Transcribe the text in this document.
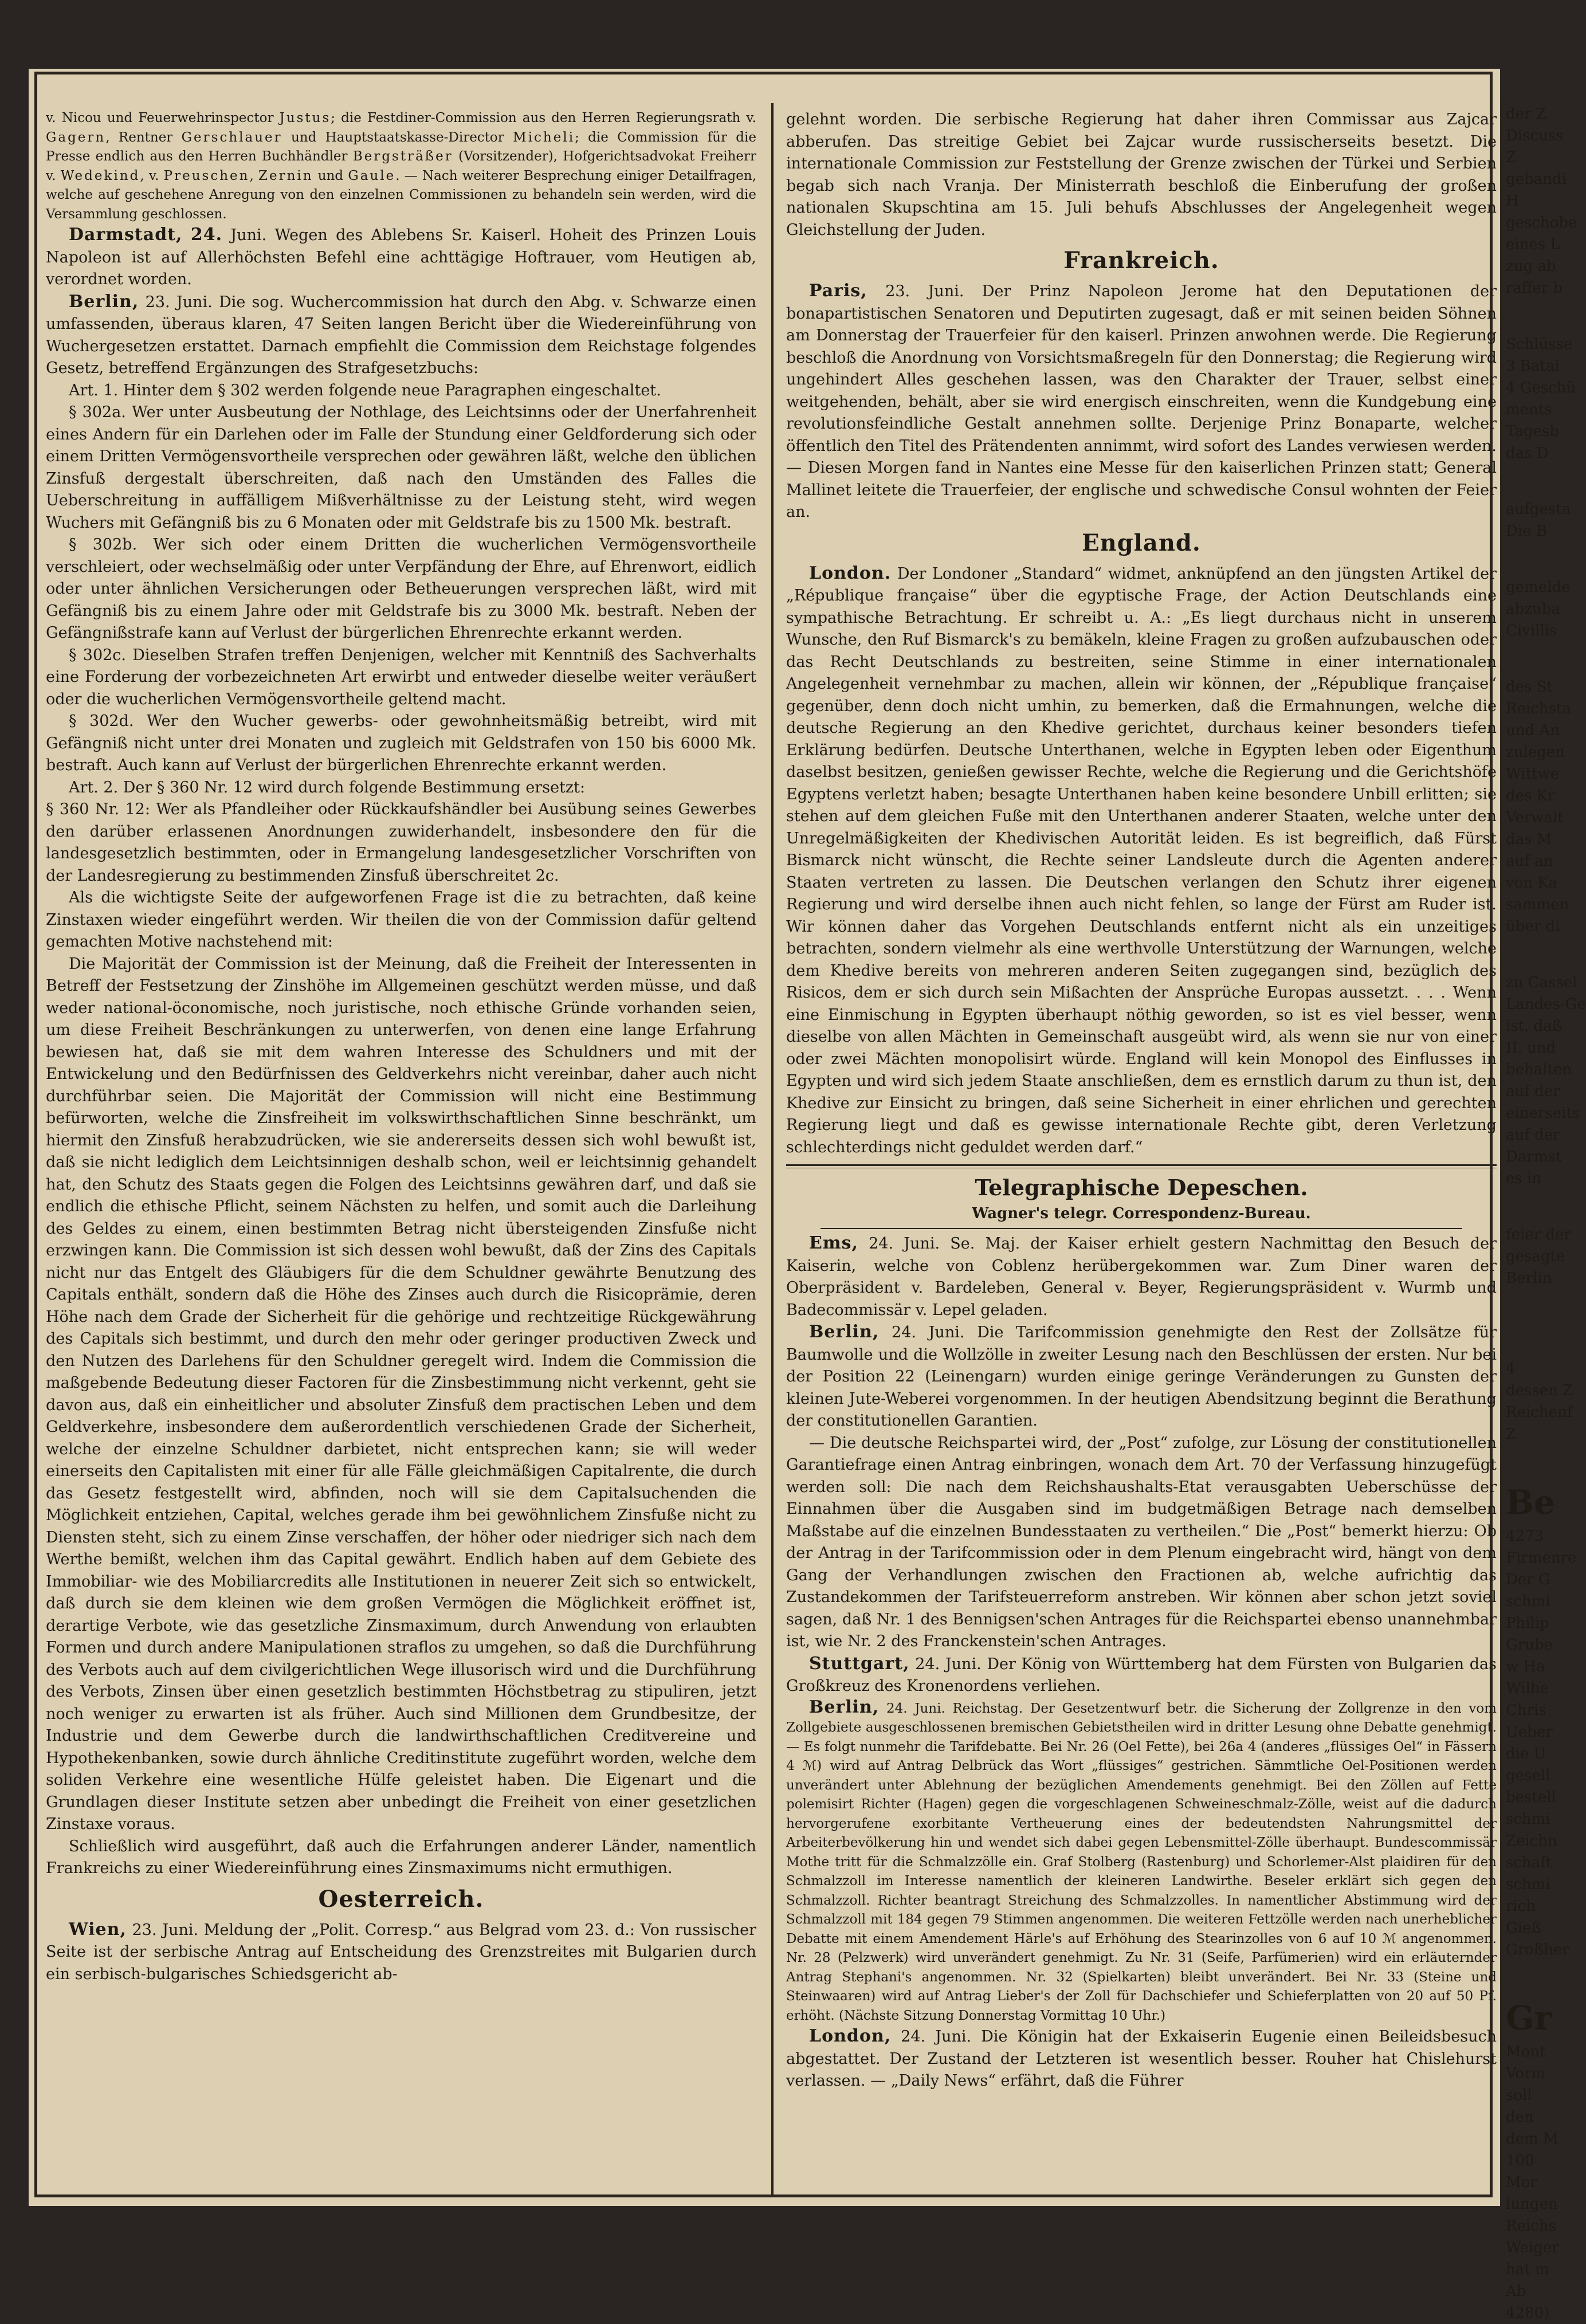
v. Nicou und Feuerwehrinspector Justus; die Festdiner-Commission aus den Herren Regierungsrath v. Gagern, Rentner Gerschlauer und Hauptstaatskasse-Director Micheli; die Commission für die Presse endlich aus den Herren Buchhändler Bergsträßer (Vorsitzender), Hofgerichtsadvokat Freiherr v. Wedekind, v. Preuschen, Zernin und Gaule. — Nach weiterer Besprechung einiger Detailfragen, welche auf geschehene Anregung von den einzelnen Commissionen zu behandeln sein werden, wird die Versammlung geschlossen.

Darmstadt, 24. Juni. Wegen des Ablebens Sr. Kaiserl. Hoheit des Prinzen Louis Napoleon ist auf Allerhöchsten Befehl eine achttägige Hoftrauer, vom Heutigen ab, verordnet worden.

Berlin, 23. Juni. Die sog. Wuchercommission hat durch den Abg. v. Schwarze einen umfassenden, überaus klaren, 47 Seiten langen Bericht über die Wiedereinführung von Wuchergesetzen erstattet. Darnach empfiehlt die Commission dem Reichstage folgendes Gesetz, betreffend Ergänzungen des Strafgesetzbuchs:

Art. 1. Hinter dem § 302 werden folgende neue Paragraphen eingeschaltet.

§ 302a. Wer unter Ausbeutung der Nothlage, des Leichtsinns oder der Unerfahrenheit eines Andern für ein Darlehen oder im Falle der Stundung einer Geldforderung sich oder einem Dritten Vermögensvortheile versprechen oder gewähren läßt, welche den üblichen Zinsfuß dergestalt überschreiten, daß nach den Umständen des Falles die Ueberschreitung in auffälligem Mißverhältnisse zu der Leistung steht, wird wegen Wuchers mit Gefängniß bis zu 6 Monaten oder mit Geldstrafe bis zu 1500 Mk. bestraft.

§ 302b. Wer sich oder einem Dritten die wucherlichen Vermögensvortheile verschleiert, oder wechselmäßig oder unter Verpfändung der Ehre, auf Ehrenwort, eidlich oder unter ähnlichen Versicherungen oder Betheuerungen versprechen läßt, wird mit Gefängniß bis zu einem Jahre oder mit Geldstrafe bis zu 3000 Mk. bestraft. Neben der Gefängnißstrafe kann auf Verlust der bürgerlichen Ehrenrechte erkannt werden.

§ 302c. Dieselben Strafen treffen Denjenigen, welcher mit Kenntniß des Sachverhalts eine Forderung der vorbezeichneten Art erwirbt und entweder dieselbe weiter veräußert oder die wucherlichen Vermögensvortheile geltend macht.

§ 302d. Wer den Wucher gewerbs- oder gewohnheitsmäßig betreibt, wird mit Gefängniß nicht unter drei Monaten und zugleich mit Geldstrafen von 150 bis 6000 Mk. bestraft. Auch kann auf Verlust der bürgerlichen Ehrenrechte erkannt werden.

Art. 2. Der § 360 Nr. 12 wird durch folgende Bestimmung ersetzt:

§ 360 Nr. 12: Wer als Pfandleiher oder Rückkaufshändler bei Ausübung seines Gewerbes den darüber erlassenen Anordnungen zuwiderhandelt, insbesondere den für die landesgesetzlich bestimmten, oder in Ermangelung landesgesetzlicher Vorschriften von der Landesregierung zu bestimmenden Zinsfuß überschreitet 2c.

Als die wichtigste Seite der aufgeworfenen Frage ist die zu betrachten, daß keine Zinstaxen wieder eingeführt werden. Wir theilen die von der Commission dafür geltend gemachten Motive nachstehend mit:

Die Majorität der Commission ist der Meinung, daß die Freiheit der Interessenten in Betreff der Festsetzung der Zinshöhe im Allgemeinen geschützt werden müsse, und daß weder national-öconomische, noch juristische, noch ethische Gründe vorhanden seien, um diese Freiheit Beschränkungen zu unterwerfen, von denen eine lange Erfahrung bewiesen hat, daß sie mit dem wahren Interesse des Schuldners und mit der Entwickelung und den Bedürfnissen des Geldverkehrs nicht vereinbar, daher auch nicht durchführbar seien. Die Majorität der Commission will nicht eine Bestimmung befürworten, welche die Zinsfreiheit im volkswirthschaftlichen Sinne beschränkt, um hiermit den Zinsfuß herabzudrücken, wie sie andererseits dessen sich wohl bewußt ist, daß sie nicht lediglich dem Leichtsinnigen deshalb schon, weil er leichtsinnig gehandelt hat, den Schutz des Staats gegen die Folgen des Leichtsinns gewähren darf, und daß sie endlich die ethische Pflicht, seinem Nächsten zu helfen, und somit auch die Darleihung des Geldes zu einem, einen bestimmten Betrag nicht übersteigenden Zinsfuße nicht erzwingen kann. Die Commission ist sich dessen wohl bewußt, daß der Zins des Capitals nicht nur das Entgelt des Gläubigers für die dem Schuldner gewährte Benutzung des Capitals enthält, sondern daß die Höhe des Zinses auch durch die Risicoprämie, deren Höhe nach dem Grade der Sicherheit für die gehörige und rechtzeitige Rückgewährung des Capitals sich bestimmt, und durch den mehr oder geringer productiven Zweck und den Nutzen des Darlehens für den Schuldner geregelt wird. Indem die Commission die maßgebende Bedeutung dieser Factoren für die Zinsbestimmung nicht verkennt, geht sie davon aus, daß ein einheitlicher und absoluter Zinsfuß dem practischen Leben und dem Geldverkehre, insbesondere dem außerordentlich verschiedenen Grade der Sicherheit, welche der einzelne Schuldner darbietet, nicht entsprechen kann; sie will weder einerseits den Capitalisten mit einer für alle Fälle gleichmäßigen Capitalrente, die durch das Gesetz festgestellt wird, abfinden, noch will sie dem Capitalsuchenden die Möglichkeit entziehen, Capital, welches gerade ihm bei gewöhnlichem Zinsfuße nicht zu Diensten steht, sich zu einem Zinse verschaffen, der höher oder niedriger sich nach dem Werthe bemißt, welchen ihm das Capital gewährt. Endlich haben auf dem Gebiete des Immobiliar- wie des Mobiliarcredits alle Institutionen in neuerer Zeit sich so entwickelt, daß durch sie dem kleinen wie dem großen Vermögen die Möglichkeit eröffnet ist, derartige Verbote, wie das gesetzliche Zinsmaximum, durch Anwendung von erlaubten Formen und durch andere Manipulationen straflos zu umgehen, so daß die Durchführung des Verbots auch auf dem civilgerichtlichen Wege illusorisch wird und die Durchführung des Verbots, Zinsen über einen gesetzlich bestimmten Höchstbetrag zu stipuliren, jetzt noch weniger zu erwarten ist als früher. Auch sind Millionen dem Grundbesitze, der Industrie und dem Gewerbe durch die landwirthschaftlichen Creditvereine und Hypothekenbanken, sowie durch ähnliche Creditinstitute zugeführt worden, welche dem soliden Verkehre eine wesentliche Hülfe geleistet haben. Die Eigenart und die Grundlagen dieser Institute setzen aber unbedingt die Freiheit von einer gesetzlichen Zinstaxe voraus.

Schließlich wird ausgeführt, daß auch die Erfahrungen anderer Länder, namentlich Frankreichs zu einer Wiedereinführung eines Zinsmaximums nicht ermuthigen.

Oesterreich.

Wien, 23. Juni. Meldung der „Polit. Corresp.“ aus Belgrad vom 23. d.: Von russischer Seite ist der serbische Antrag auf Entscheidung des Grenzstreites mit Bulgarien durch ein serbisch-bulgarisches Schiedsgericht ab-

gelehnt worden. Die serbische Regierung hat daher ihren Commissar aus Zajcar abberufen. Das streitige Gebiet bei Zajcar wurde russischerseits besetzt. Die internationale Commission zur Feststellung der Grenze zwischen der Türkei und Serbien begab sich nach Vranja. Der Ministerrath beschloß die Einberufung der großen nationalen Skupschtina am 15. Juli behufs Abschlusses der Angelegenheit wegen Gleichstellung der Juden.

Frankreich.

Paris, 23. Juni. Der Prinz Napoleon Jerome hat den Deputationen der bonapartistischen Senatoren und Deputirten zugesagt, daß er mit seinen beiden Söhnen am Donnerstag der Trauerfeier für den kaiserl. Prinzen anwohnen werde. Die Regierung beschloß die Anordnung von Vorsichtsmaßregeln für den Donnerstag; die Regierung wird ungehindert Alles geschehen lassen, was den Charakter der Trauer, selbst einer weitgehenden, behält, aber sie wird energisch einschreiten, wenn die Kundgebung eine revolutionsfeindliche Gestalt annehmen sollte. Derjenige Prinz Bonaparte, welcher öffentlich den Titel des Prätendenten annimmt, wird sofort des Landes verwiesen werden. — Diesen Morgen fand in Nantes eine Messe für den kaiserlichen Prinzen statt; General Mallinet leitete die Trauerfeier, der englische und schwedische Consul wohnten der Feier an.

England.

London. Der Londoner „Standard“ widmet, anknüpfend an den jüngsten Artikel der „République française“ über die egyptische Frage, der Action Deutschlands eine sympathische Betrachtung. Er schreibt u. A.: „Es liegt durchaus nicht in unserem Wunsche, den Ruf Bismarck's zu bemäkeln, kleine Fragen zu großen aufzubauschen oder das Recht Deutschlands zu bestreiten, seine Stimme in einer internationalen Angelegenheit vernehmbar zu machen, allein wir können, der „République française“ gegenüber, denn doch nicht umhin, zu bemerken, daß die Ermahnungen, welche die deutsche Regierung an den Khedive gerichtet, durchaus keiner besonders tiefen Erklärung bedürfen. Deutsche Unterthanen, welche in Egypten leben oder Eigenthum daselbst besitzen, genießen gewisser Rechte, welche die Regierung und die Gerichtshöfe Egyptens verletzt haben; besagte Unterthanen haben keine besondere Unbill erlitten; sie stehen auf dem gleichen Fuße mit den Unterthanen anderer Staaten, welche unter den Unregelmäßigkeiten der Khedivischen Autorität leiden. Es ist begreiflich, daß Fürst Bismarck nicht wünscht, die Rechte seiner Landsleute durch die Agenten anderer Staaten vertreten zu lassen. Die Deutschen verlangen den Schutz ihrer eigenen Regierung und wird derselbe ihnen auch nicht fehlen, so lange der Fürst am Ruder ist. Wir können daher das Vorgehen Deutschlands entfernt nicht als ein unzeitiges betrachten, sondern vielmehr als eine werthvolle Unterstützung der Warnungen, welche dem Khedive bereits von mehreren anderen Seiten zugegangen sind, bezüglich des Risicos, dem er sich durch sein Mißachten der Ansprüche Europas aussetzt. . . . Wenn eine Einmischung in Egypten überhaupt nöthig geworden, so ist es viel besser, wenn dieselbe von allen Mächten in Gemeinschaft ausgeübt wird, als wenn sie nur von einer oder zwei Mächten monopolisirt würde. England will kein Monopol des Einflusses in Egypten und wird sich jedem Staate anschließen, dem es ernstlich darum zu thun ist, den Khedive zur Einsicht zu bringen, daß seine Sicherheit in einer ehrlichen und gerechten Regierung liegt und daß es gewisse internationale Rechte gibt, deren Verletzung schlechterdings nicht geduldet werden darf.“

Telegraphische Depeschen.
Wagner's telegr. Correspondenz-Bureau.

Ems, 24. Juni. Se. Maj. der Kaiser erhielt gestern Nachmittag den Besuch der Kaiserin, welche von Coblenz herübergekommen war. Zum Diner waren der Oberpräsident v. Bardeleben, General v. Beyer, Regierungspräsident v. Wurmb und Badecommissär v. Lepel geladen.

Berlin, 24. Juni. Die Tarifcommission genehmigte den Rest der Zollsätze für Baumwolle und die Wollzölle in zweiter Lesung nach den Beschlüssen der ersten. Nur bei der Position 22 (Leinengarn) wurden einige geringe Veränderungen zu Gunsten der kleinen Jute-Weberei vorgenommen. In der heutigen Abendsitzung beginnt die Berathung der constitutionellen Garantien.

— Die deutsche Reichspartei wird, der „Post“ zufolge, zur Lösung der constitutionellen Garantiefrage einen Antrag einbringen, wonach dem Art. 70 der Verfassung hinzugefügt werden soll: Die nach dem Reichshaushalts-Etat verausgabten Ueberschüsse der Einnahmen über die Ausgaben sind im budgetmäßigen Betrage nach demselben Maßstabe auf die einzelnen Bundesstaaten zu vertheilen.“ Die „Post“ bemerkt hierzu: Ob der Antrag in der Tarifcommission oder in dem Plenum eingebracht wird, hängt von dem Gang der Verhandlungen zwischen den Fractionen ab, welche aufrichtig das Zustandekommen der Tarifsteuerreform anstreben. Wir können aber schon jetzt soviel sagen, daß Nr. 1 des Bennigsen'schen Antrages für die Reichspartei ebenso unannehmbar ist, wie Nr. 2 des Franckenstein'schen Antrages.

Stuttgart, 24. Juni. Der König von Württemberg hat dem Fürsten von Bulgarien das Großkreuz des Kronenordens verliehen.

Berlin, 24. Juni. Reichstag. Der Gesetzentwurf betr. die Sicherung der Zollgrenze in den vom Zollgebiete ausgeschlossenen bremischen Gebietstheilen wird in dritter Lesung ohne Debatte genehmigt. — Es folgt nunmehr die Tarifdebatte. Bei Nr. 26 (Oel Fette), bei 26a 4 (anderes „flüssiges Oel“ in Fässern 4 ℳ) wird auf Antrag Delbrück das Wort „flüssiges“ gestrichen. Sämmtliche Oel-Positionen werden unverändert unter Ablehnung der bezüglichen Amendements genehmigt. Bei den Zöllen auf Fette polemisirt Richter (Hagen) gegen die vorgeschlagenen Schweineschmalz-Zölle, weist auf die dadurch hervorgerufene exorbitante Vertheuerung eines der bedeutendsten Nahrungsmittel der Arbeiterbevölkerung hin und wendet sich dabei gegen Lebensmittel-Zölle überhaupt. Bundescommissär Mothe tritt für die Schmalzzölle ein. Graf Stolberg (Rastenburg) und Schorlemer-Alst plaidiren für den Schmalzzoll im Interesse namentlich der kleineren Landwirthe. Beseler erklärt sich gegen den Schmalzzoll. Richter beantragt Streichung des Schmalzzolles. In namentlicher Abstimmung wird der Schmalzzoll mit 184 gegen 79 Stimmen angenommen. Die weiteren Fettzölle werden nach unerheblicher Debatte mit einem Amendement Härle's auf Erhöhung des Stearinzolles von 6 auf 10 ℳ angenommen. Nr. 28 (Pelzwerk) wird unverändert genehmigt. Zu Nr. 31 (Seife, Parfümerien) wird ein erläuternder Antrag Stephani's angenommen. Nr. 32 (Spielkarten) bleibt unverändert. Bei Nr. 33 (Steine und Steinwaaren) wird auf Antrag Lieber's der Zoll für Dachschiefer und Schieferplatten von 20 auf 50 Pf. erhöht. (Nächste Sitzung Donnerstag Vormittag 10 Uhr.)

London, 24. Juni. Die Königin hat der Exkaiserin Eugenie einen Beileidsbesuch abgestattet. Der Zustand der Letzteren ist wesentlich besser. Rouher hat Chislehurst verlassen. — „Daily News“ erfährt, daß die Führer

der Z
Discuss
Z
gebandi
H
geschobe
eines L
zug ab
raffer b
Schlüsse
3 Batai
4 Geschü
ments
Tagesb
das D
aufgesta
Die B
gemelde
abzuba
Civillis
des St
Reichsta
und An
zulegen
Wittwe
des Kr
Verwalt
das M
auf an
von Ka
sammen
über di
zu Cassel
Landes-Ge
ist, daß
II. und
behalten
auf der
einerseits
auf der
Darmst
es in
feier der
gesagte
Berlin
4
dessen Z
Reichenf
Z
Be
4273
Firmenre
Der G
schmi
Philip
Grube
w Ha
Wilhe
Chris
Ueber
die U
gesell
bestell
schmi
Zeichn
schaft
schmi
rich
Gieß
Großher
Gr
Mont
Vorm
soll
den
dem M
100
Mor
lungen
Reichs
Weiger
hat m
Ab
4280)
